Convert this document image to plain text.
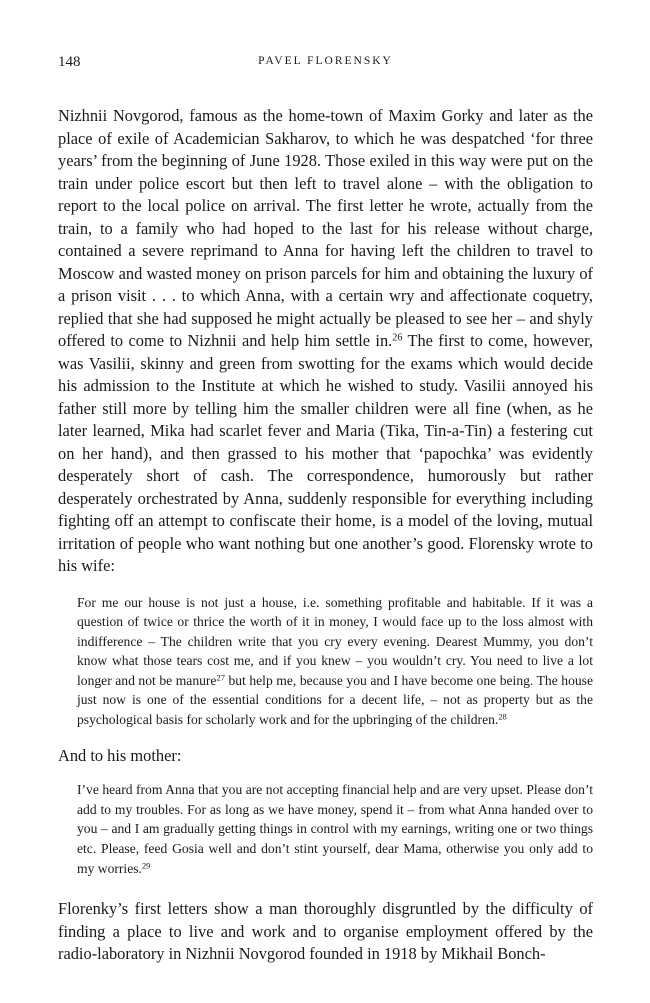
148	PAVEL FLORENSKY

Nizhnii Novgorod, famous as the home-town of Maxim Gorky and later as the place of exile of Academician Sakharov, to which he was despatched ‘for three years’ from the beginning of June 1928. Those exiled in this way were put on the train under police escort but then left to travel alone – with the obligation to report to the local police on arrival. The first letter he wrote, actually from the train, to a family who had hoped to the last for his release without charge, contained a severe reprimand to Anna for having left the children to travel to Moscow and wasted money on prison parcels for him and obtaining the luxury of a prison visit . . . to which Anna, with a certain wry and affectionate coquetry, replied that she had supposed he might actually be pleased to see her – and shyly offered to come to Nizhnii and help him settle in.$^{26}$ The first to come, however, was Vasilii, skinny and green from swotting for the exams which would decide his admission to the Institute at which he wished to study. Vasilii annoyed his father still more by telling him the smaller children were all fine (when, as he later learned, Mika had scarlet fever and Maria (Tika, Tin-a-Tin) a festering cut on her hand), and then grassed to his mother that ‘papochka’ was evidently desperately short of cash. The correspondence, humorously but rather desperately orchestrated by Anna, suddenly responsible for everything including fighting off an attempt to confiscate their home, is a model of the loving, mutual irritation of people who want nothing but one another’s good. Florensky wrote to his wife:

For me our house is not just a house, i.e. something profitable and habitable. If it was a question of twice or thrice the worth of it in money, I would face up to the loss almost with indifference – The children write that you cry every evening. Dearest Mummy, you don’t know what those tears cost me, and if you knew – you wouldn’t cry. You need to live a lot longer and not be manure$^{27}$ but help me, because you and I have become one being. The house just now is one of the essential conditions for a decent life, – not as property but as the psychological basis for scholarly work and for the upbringing of the children.$^{28}$

And to his mother:

I’ve heard from Anna that you are not accepting financial help and are very upset. Please don’t add to my troubles. For as long as we have money, spend it – from what Anna handed over to you – and I am gradually getting things in control with my earnings, writing one or two things etc. Please, feed Gosia well and don’t stint yourself, dear Mama, otherwise you only add to my worries.$^{29}$

Florenky’s first letters show a man thoroughly disgruntled by the difficulty of finding a place to live and work and to organise employment offered by the radio-laboratory in Nizhnii Novgorod founded in 1918 by Mikhail Bonch-
